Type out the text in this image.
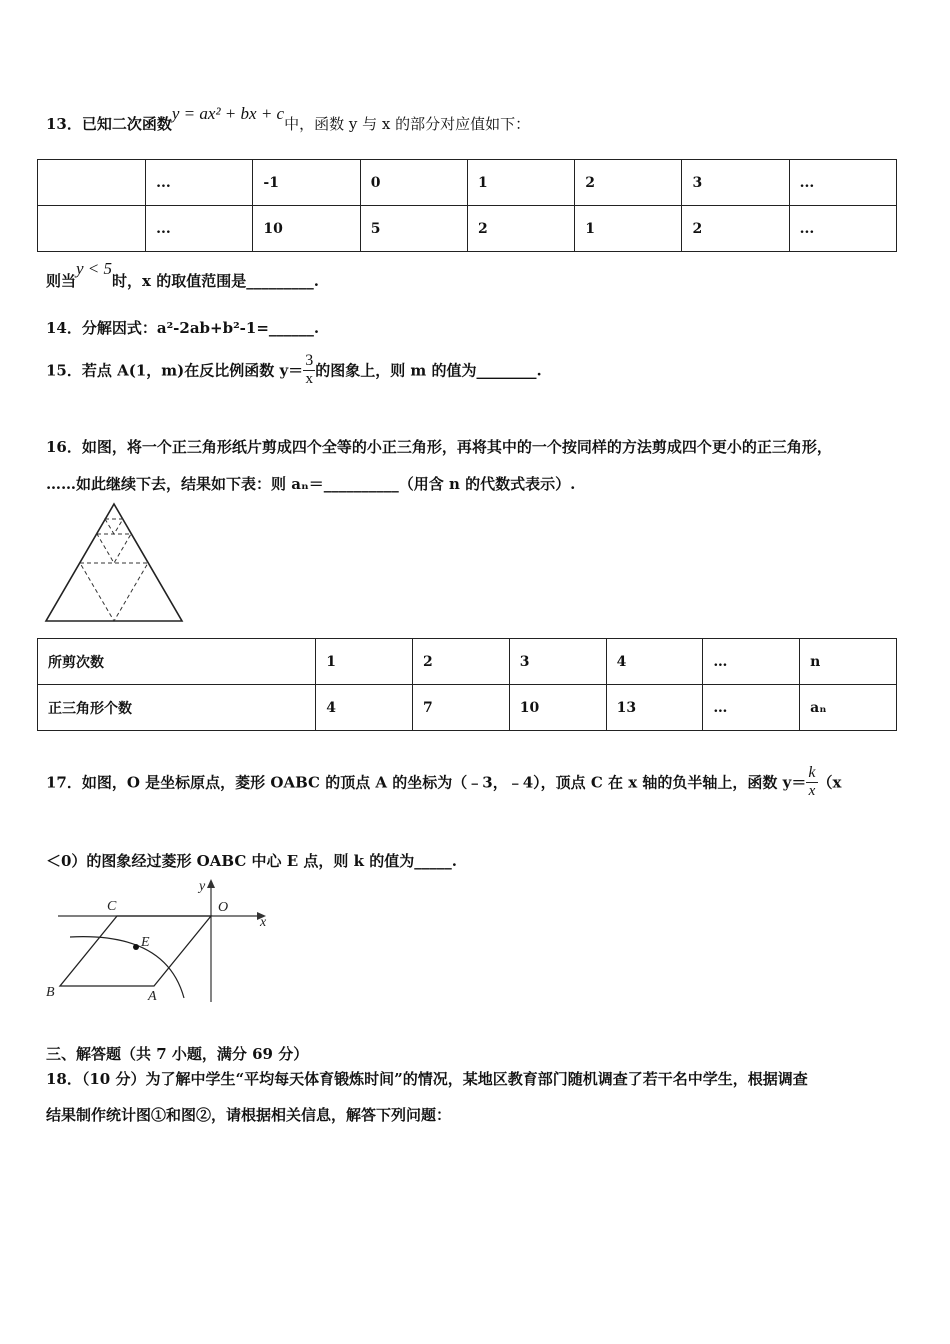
13．已知二次函数y = ax² + bx + c中，函数 y 与 x 的部分对应值如下：
	...	-1	0	1	2	3	...
	...	10	5	2	1	2	...
则当y < 5时，x 的取值范围是_________.
14．分解因式：a²-2ab+b²-1=______.
15．若点 A(1，m)在反比例函数 $y= \frac{3}{x}$ 的图象上，则 m 的值为________.
16．如图，将一个正三角形纸片剪成四个全等的小正三角形，再将其中的一个按同样的方法剪成四个更小的正三角形，
……如此继续下去，结果如下表：则 aₙ＝__________（用含 n 的代数式表示）.
所剪次数	1	2	3	4	…	n
正三角形个数	4	7	10	13	…	aₙ
17．如图，O 是坐标原点，菱形 OABC 的顶点 A 的坐标为（﹣3，﹣4），顶点 C 在 x 轴的负半轴上，函数 $y= \frac{k}{x} (x$
＜0）的图象经过菱形 OABC 中心 E 点，则 k 的值为_____.
y
x
O
C
E
B	A
三、解答题（共 7 小题，满分 69 分）
18．（10 分）为了解中学生“平均每天体育锻炼时间”的情况，某地区教育部门随机调查了若干名中学生，根据调查
结果制作统计图①和图②，请根据相关信息，解答下列问题：
